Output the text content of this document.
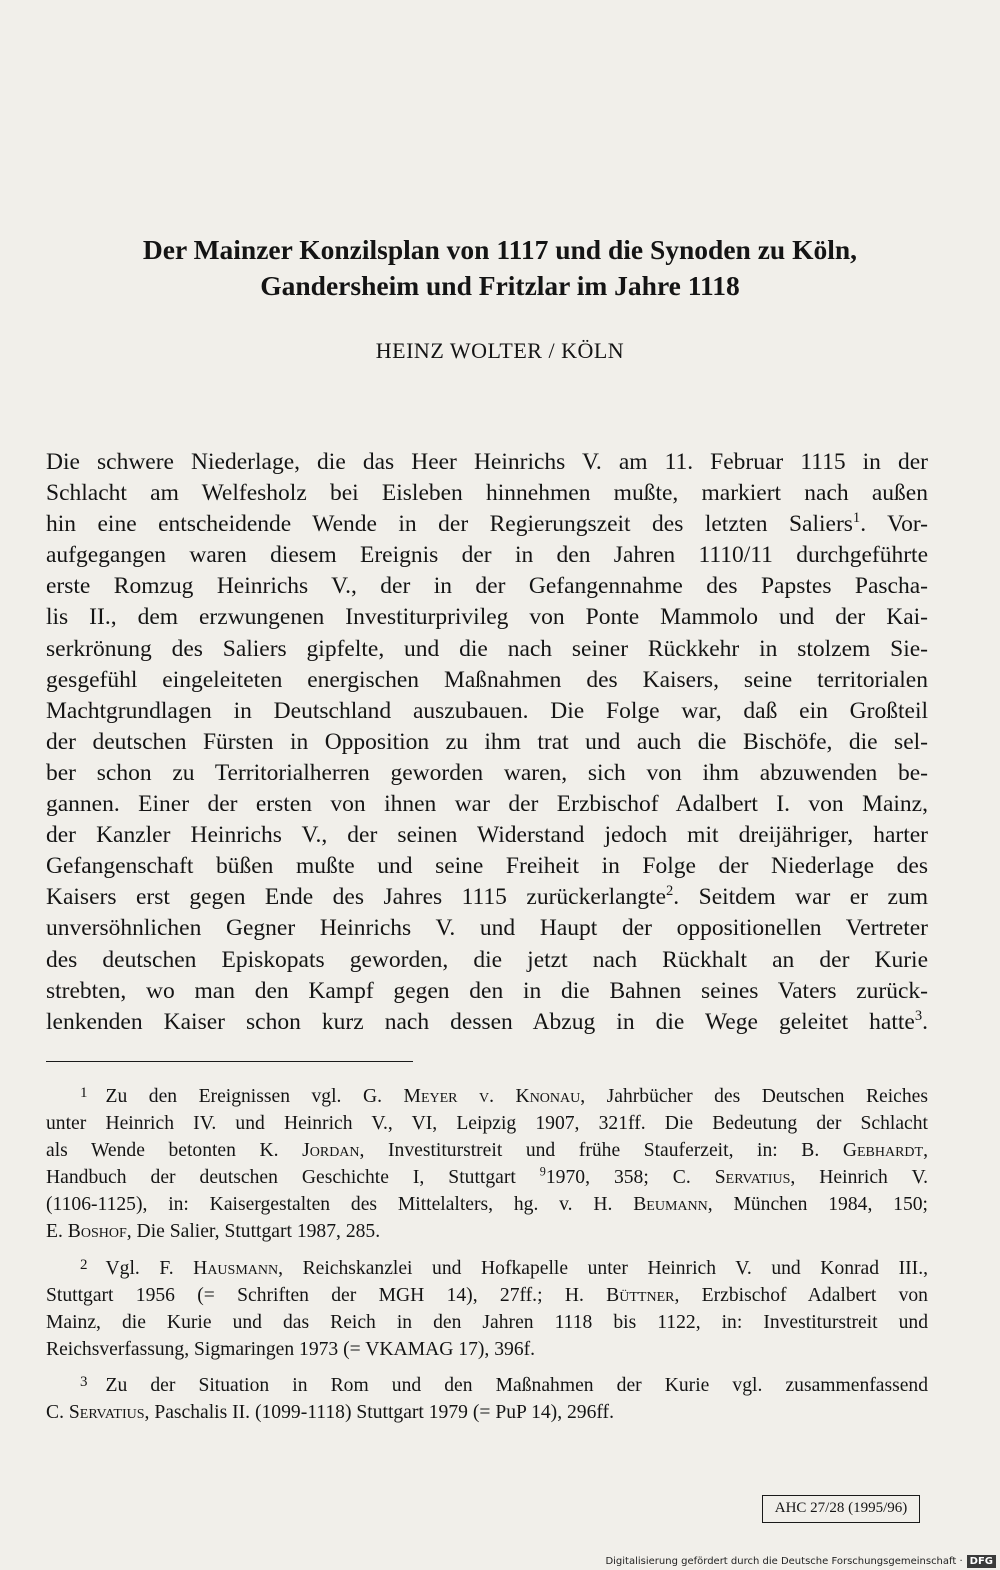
Der Mainzer Konzilsplan von 1117 und die Synoden zu Köln,
Gandersheim und Fritzlar im Jahre 1118
HEINZ WOLTER / KÖLN
Die schwere Niederlage, die das Heer Heinrichs V. am 11. Februar 1115 in der
Schlacht am Welfesholz bei Eisleben hinnehmen mußte, markiert nach außen
hin eine entscheidende Wende in der Regierungszeit des letzten Saliers$^1$. Vor-
aufgegangen waren diesem Ereignis der in den Jahren 1110/11 durchgeführte
erste Romzug Heinrichs V., der in der Gefangennahme des Papstes Pascha-
lis II., dem erzwungenen Investiturprivileg von Ponte Mammolo und der Kai-
serkrönung des Saliers gipfelte, und die nach seiner Rückkehr in stolzem Sie-
gesgefühl eingeleiteten energischen Maßnahmen des Kaisers, seine territorialen
Machtgrundlagen in Deutschland auszubauen. Die Folge war, daß ein Großteil
der deutschen Fürsten in Opposition zu ihm trat und auch die Bischöfe, die sel-
ber schon zu Territorialherren geworden waren, sich von ihm abzuwenden be-
gannen. Einer der ersten von ihnen war der Erzbischof Adalbert I. von Mainz,
der Kanzler Heinrichs V., der seinen Widerstand jedoch mit dreijähriger, harter
Gefangenschaft büßen mußte und seine Freiheit in Folge der Niederlage des
Kaisers erst gegen Ende des Jahres 1115 zurückerlangte$^2$. Seitdem war er zum
unversöhnlichen Gegner Heinrichs V. und Haupt der oppositionellen Vertreter
des deutschen Episkopats geworden, die jetzt nach Rückhalt an der Kurie
strebten, wo man den Kampf gegen den in die Bahnen seines Vaters zurück-
lenkenden Kaiser schon kurz nach dessen Abzug in die Wege geleitet hatte$^3$.
1 Zu den Ereignissen vgl. G. Meyer v. Knonau, Jahrbücher des Deutschen Reiches
unter Heinrich IV. und Heinrich V., VI, Leipzig 1907, 321ff. Die Bedeutung der Schlacht
als Wende betonten K. Jordan, Investiturstreit und frühe Stauferzeit, in: B. Gebhardt,
Handbuch der deutschen Geschichte I, Stuttgart $^9$1970, 358; C. Servatius, Heinrich V.
(1106-1125), in: Kaisergestalten des Mittelalters, hg. v. H. Beumann, München 1984, 150;
E. Boshof, Die Salier, Stuttgart 1987, 285.
2 Vgl. F. Hausmann, Reichskanzlei und Hofkapelle unter Heinrich V. und Konrad III.,
Stuttgart 1956 (= Schriften der MGH 14), 27ff.; H. Büttner, Erzbischof Adalbert von
Mainz, die Kurie und das Reich in den Jahren 1118 bis 1122, in: Investiturstreit und
Reichsverfassung, Sigmaringen 1973 (= VKAMAG 17), 396f.
3 Zu der Situation in Rom und den Maßnahmen der Kurie vgl. zusammenfassend
C. Servatius, Paschalis II. (1099-1118) Stuttgart 1979 (= PuP 14), 296ff.
AHC 27/28 (1995/96)
Digitalisierung gefördert durch die Deutsche Forschungsgemeinschaft · DFG
